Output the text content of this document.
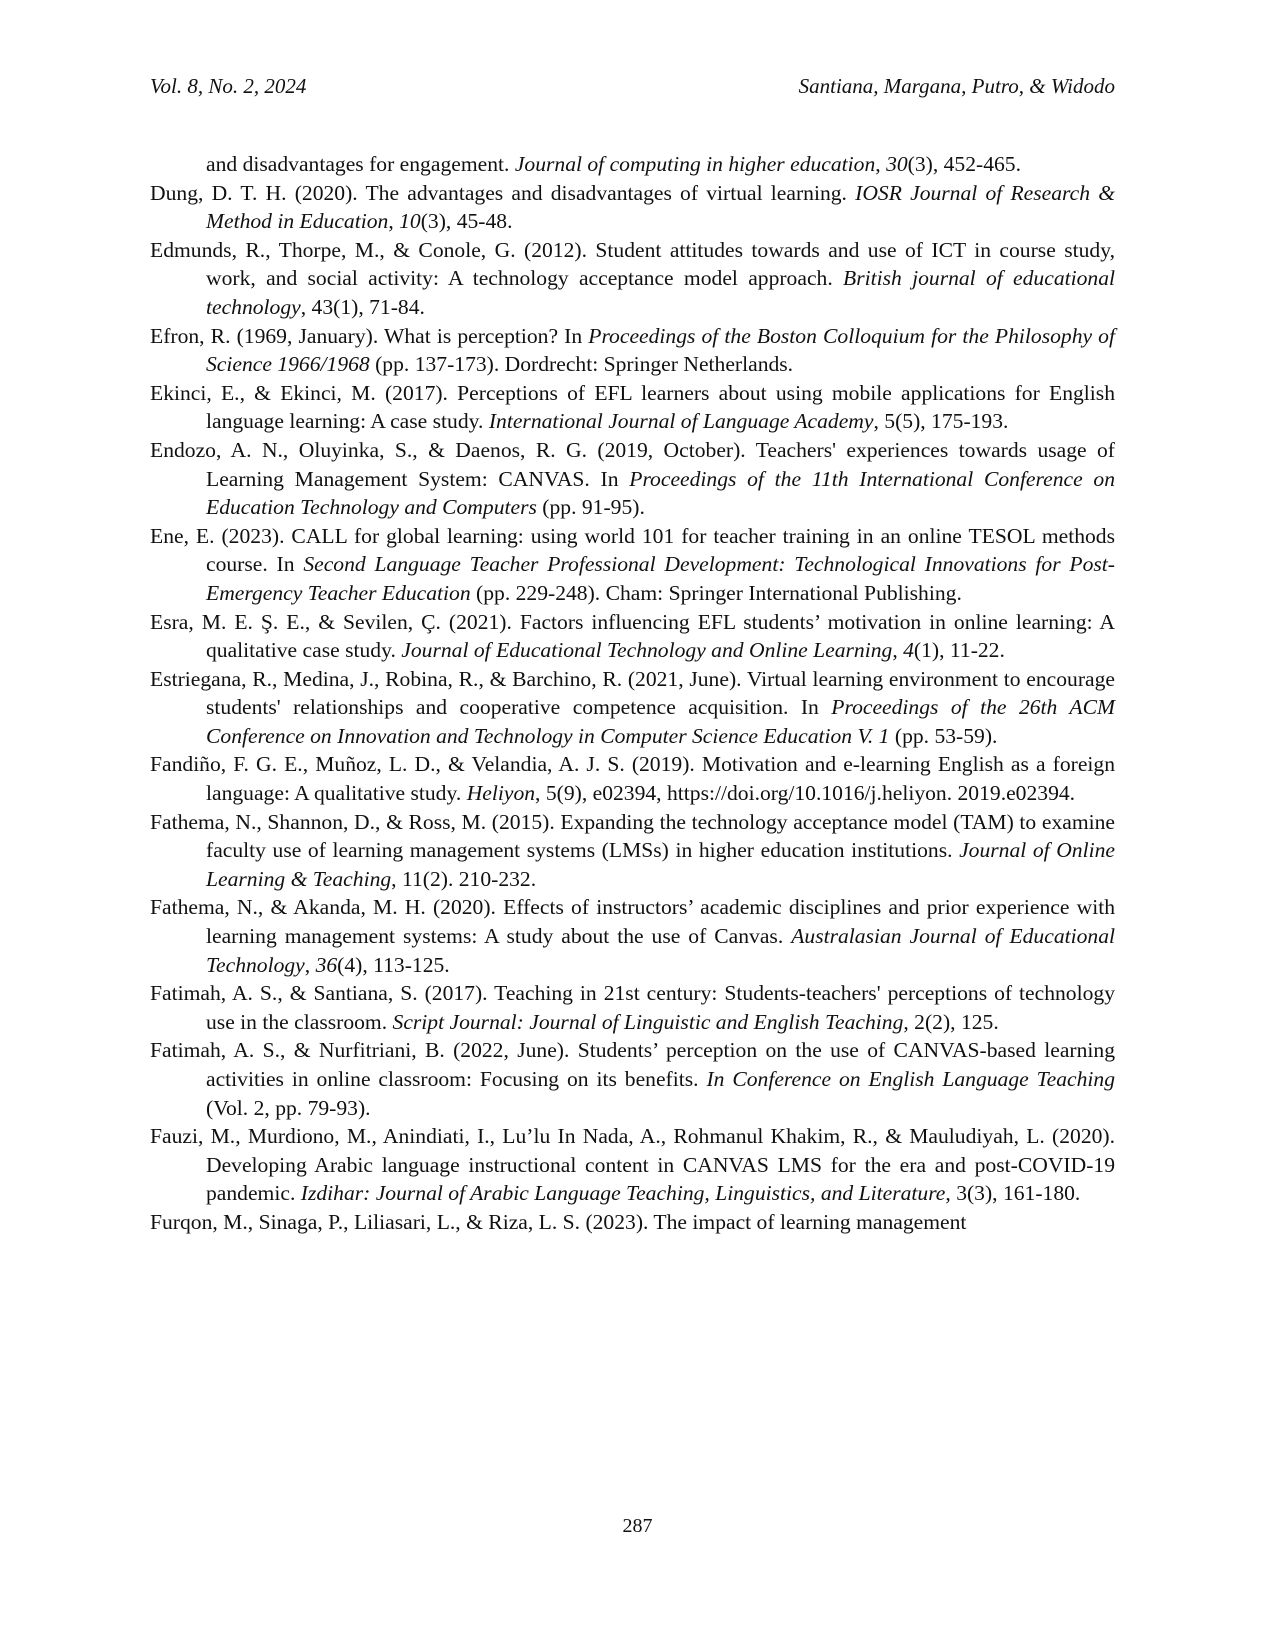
Vol. 8, No. 2, 2024	Santiana, Margana, Putro, & Widodo

and disadvantages for engagement. Journal of computing in higher education, 30(3), 452-465.

Dung, D. T. H. (2020). The advantages and disadvantages of virtual learning. IOSR Journal of Research & Method in Education, 10(3), 45-48.

Edmunds, R., Thorpe, M., & Conole, G. (2012). Student attitudes towards and use of ICT in course study, work, and social activity: A technology acceptance model approach. British journal of educational technology, 43(1), 71-84.

Efron, R. (1969, January). What is perception? In Proceedings of the Boston Colloquium for the Philosophy of Science 1966/1968 (pp. 137-173). Dordrecht: Springer Netherlands.

Ekinci, E., & Ekinci, M. (2017). Perceptions of EFL learners about using mobile applications for English language learning: A case study. International Journal of Language Academy, 5(5), 175-193.

Endozo, A. N., Oluyinka, S., & Daenos, R. G. (2019, October). Teachers' experiences towards usage of Learning Management System: CANVAS. In Proceedings of the 11th International Conference on Education Technology and Computers (pp. 91-95).

Ene, E. (2023). CALL for global learning: using world 101 for teacher training in an online TESOL methods course. In Second Language Teacher Professional Development: Technological Innovations for Post-Emergency Teacher Education (pp. 229-248). Cham: Springer International Publishing.

Esra, M. E. Ş. E., & Sevilen, Ç. (2021). Factors influencing EFL students’ motivation in online learning: A qualitative case study. Journal of Educational Technology and Online Learning, 4(1), 11-22.

Estriegana, R., Medina, J., Robina, R., & Barchino, R. (2021, June). Virtual learning environment to encourage students' relationships and cooperative competence acquisition. In Proceedings of the 26th ACM Conference on Innovation and Technology in Computer Science Education V. 1 (pp. 53-59).

Fandiño, F. G. E., Muñoz, L. D., & Velandia, A. J. S. (2019). Motivation and e-learning English as a foreign language: A qualitative study. Heliyon, 5(9), e02394, https://doi.org/10.1016/j.heliyon. 2019.e02394.

Fathema, N., Shannon, D., & Ross, M. (2015). Expanding the technology acceptance model (TAM) to examine faculty use of learning management systems (LMSs) in higher education institutions. Journal of Online Learning & Teaching, 11(2). 210-232.

Fathema, N., & Akanda, M. H. (2020). Effects of instructors’ academic disciplines and prior experience with learning management systems: A study about the use of Canvas. Australasian Journal of Educational Technology, 36(4), 113-125.

Fatimah, A. S., & Santiana, S. (2017). Teaching in 21st century: Students-teachers' perceptions of technology use in the classroom. Script Journal: Journal of Linguistic and English Teaching, 2(2), 125.

Fatimah, A. S., & Nurfitriani, B. (2022, June). Students’ perception on the use of CANVAS-based learning activities in online classroom: Focusing on its benefits. In Conference on English Language Teaching (Vol. 2, pp. 79-93).

Fauzi, M., Murdiono, M., Anindiati, I., Lu’lu In Nada, A., Rohmanul Khakim, R., & Mauludiyah, L. (2020). Developing Arabic language instructional content in CANVAS LMS for the era and post-COVID-19 pandemic. Izdihar: Journal of Arabic Language Teaching, Linguistics, and Literature, 3(3), 161-180.

Furqon, M., Sinaga, P., Liliasari, L., & Riza, L. S. (2023). The impact of learning management

287
